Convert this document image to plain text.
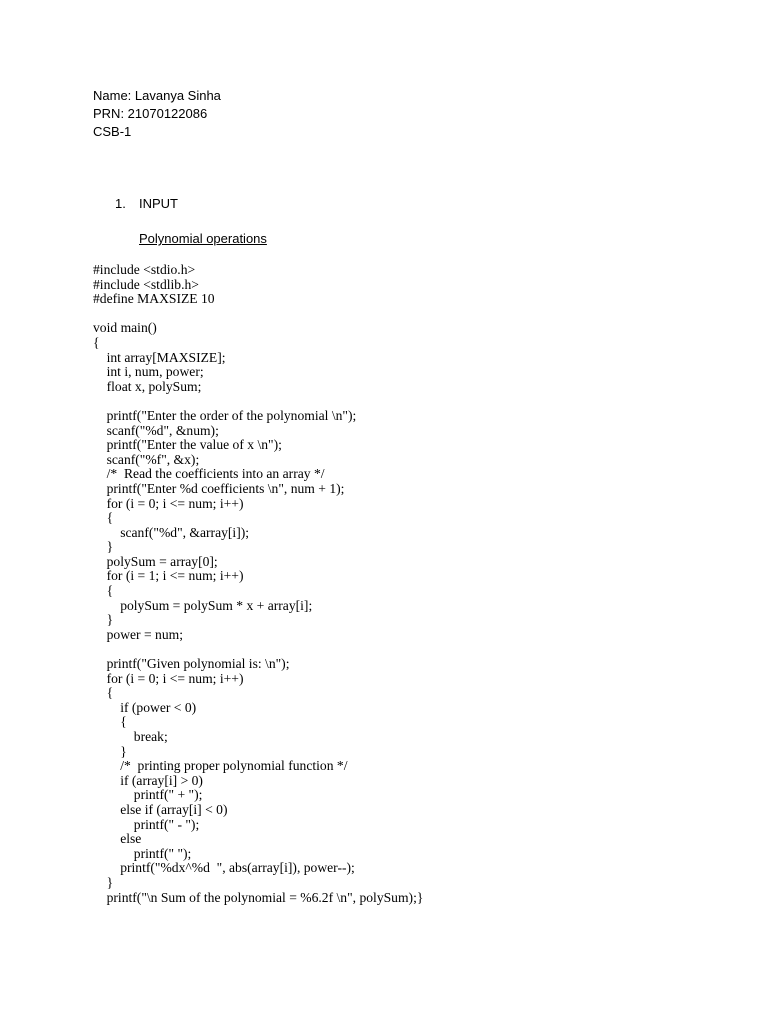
Name: Lavanya Sinha
PRN: 21070122086
CSB-1
1. INPUT
Polynomial operations
#include <stdio.h>
#include <stdlib.h>
#define MAXSIZE 10
void main()
{
int array[MAXSIZE];
int i, num, power;
float x, polySum;
printf("Enter the order of the polynomial \n");
scanf("%d", &num);
printf("Enter the value of x \n");
scanf("%f", &x);
/*  Read the coefficients into an array */
printf("Enter %d coefficients \n", num + 1);
for (i = 0; i <= num; i++)
{
scanf("%d", &array[i]);
}
polySum = array[0];
for (i = 1; i <= num; i++)
{
polySum = polySum * x + array[i];
}
power = num;
printf("Given polynomial is: \n");
for (i = 0; i <= num; i++)
{
if (power < 0)
{
break;
}
/*  printing proper polynomial function */
if (array[i] > 0)
printf(" + ");
else if (array[i] < 0)
printf(" - ");
else
printf(" ");
printf("%dx^%d  ", abs(array[i]), power--);
}
printf("\n Sum of the polynomial = %6.2f \n", polySum);}
